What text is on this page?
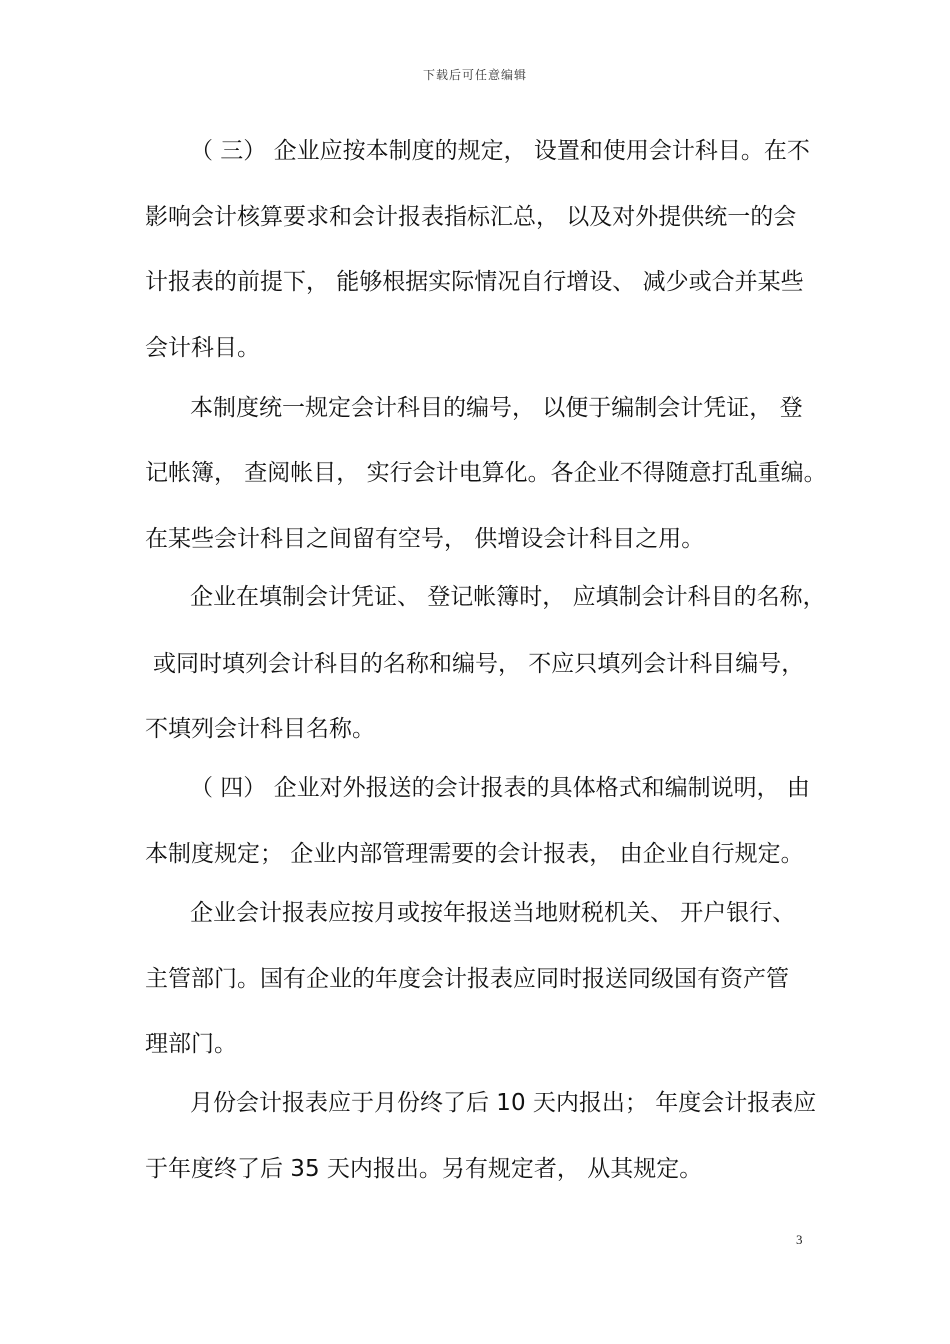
下载后可任意编辑
（ 三） 企业应按本制度的规定， 设置和使用会计科目。在不
影响会计核算要求和会计报表指标汇总， 以及对外提供统一的会
计报表的前提下， 能够根据实际情况自行增设、 减少或合并某些
会计科目。
本制度统一规定会计科目的编号， 以便于编制会计凭证， 登
记帐簿， 查阅帐目， 实行会计电算化。各企业不得随意打乱重编。
在某些会计科目之间留有空号， 供增设会计科目之用。
企业在填制会计凭证、 登记帐簿时， 应填制会计科目的名称，
或同时填列会计科目的名称和编号， 不应只填列会计科目编号，
不填列会计科目名称。
（ 四） 企业对外报送的会计报表的具体格式和编制说明， 由
本制度规定； 企业内部管理需要的会计报表， 由企业自行规定。
企业会计报表应按月或按年报送当地财税机关、 开户银行、
主管部门。国有企业的年度会计报表应同时报送同级国有资产管
理部门。
月份会计报表应于月份终了后 10 天内报出； 年度会计报表应
于年度终了后 35 天内报出。另有规定者， 从其规定。
3
